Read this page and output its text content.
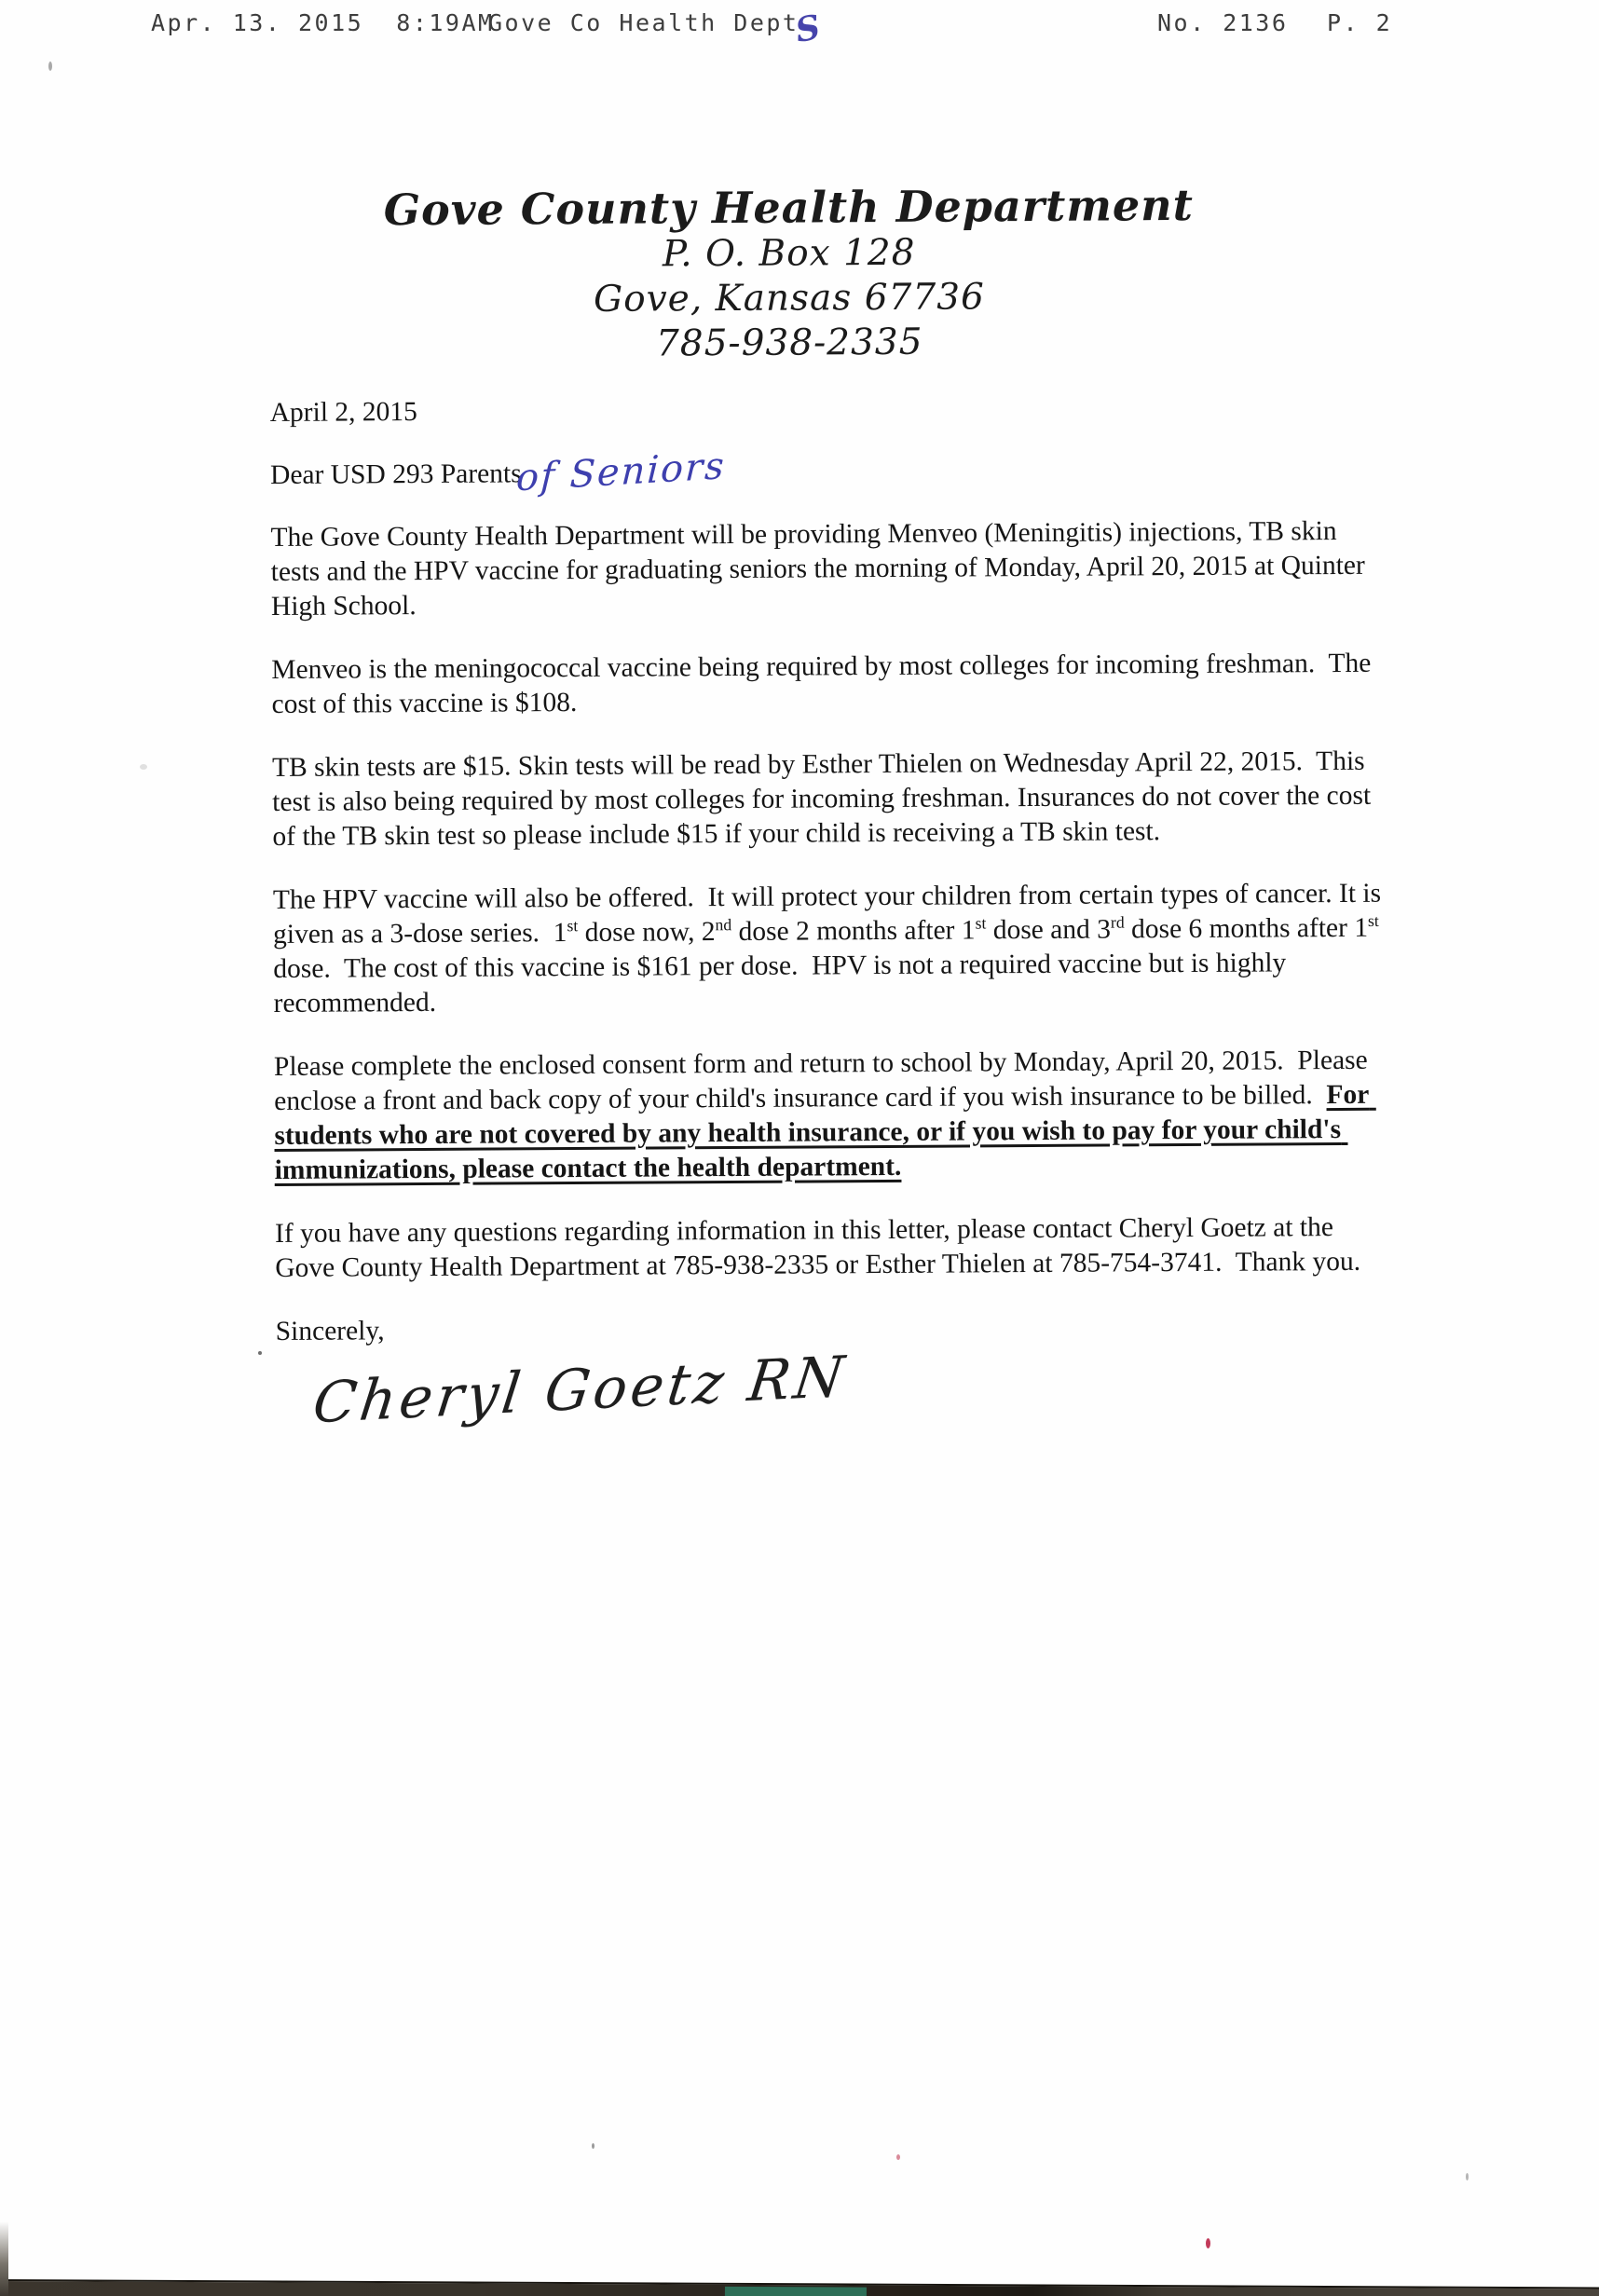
Apr. 13. 2015  8:19AM
Gove Co Health Dept
S	No. 2136 P. 2
Gove County Health Department
P. O. Box 128
Gove, Kansas 67736
785-938-2335

April 2, 2015

Dear USD 293 Parentsof Seniors

The Gove County Health Department will be providing Menveo (Meningitis) injections, TB skin tests and the HPV vaccine for graduating seniors the morning of Monday, April 20, 2015 at Quinter High School.

Menveo is the meningococcal vaccine being required by most colleges for incoming freshman.  The cost of this vaccine is $108.

TB skin tests are $15. Skin tests will be read by Esther Thielen on Wednesday April 22, 2015.  This test is also being required by most colleges for incoming freshman. Insurances do not cover the cost of the TB skin test so please include $15 if your child is receiving a TB skin test.

The HPV vaccine will also be offered.  It will protect your children from certain types of cancer. It is given as a 3-dose series.  1st dose now, 2nd dose 2 months after 1st dose and 3rd dose 6 months after 1st dose.  The cost of this vaccine is $161 per dose.  HPV is not a required vaccine but is highly recommended.

Please complete the enclosed consent form and return to school by Monday, April 20, 2015.  Please enclose a front and back copy of your child's insurance card if you wish insurance to be billed.  For students who are not covered by any health insurance, or if you wish to pay for your child's immunizations, please contact the health department.

If you have any questions regarding information in this letter, please contact Cheryl Goetz at the Gove County Health Department at 785-938-2335 or Esther Thielen at 785-754-3741.  Thank you.

Sincerely,

Cheryl Goetz RN
